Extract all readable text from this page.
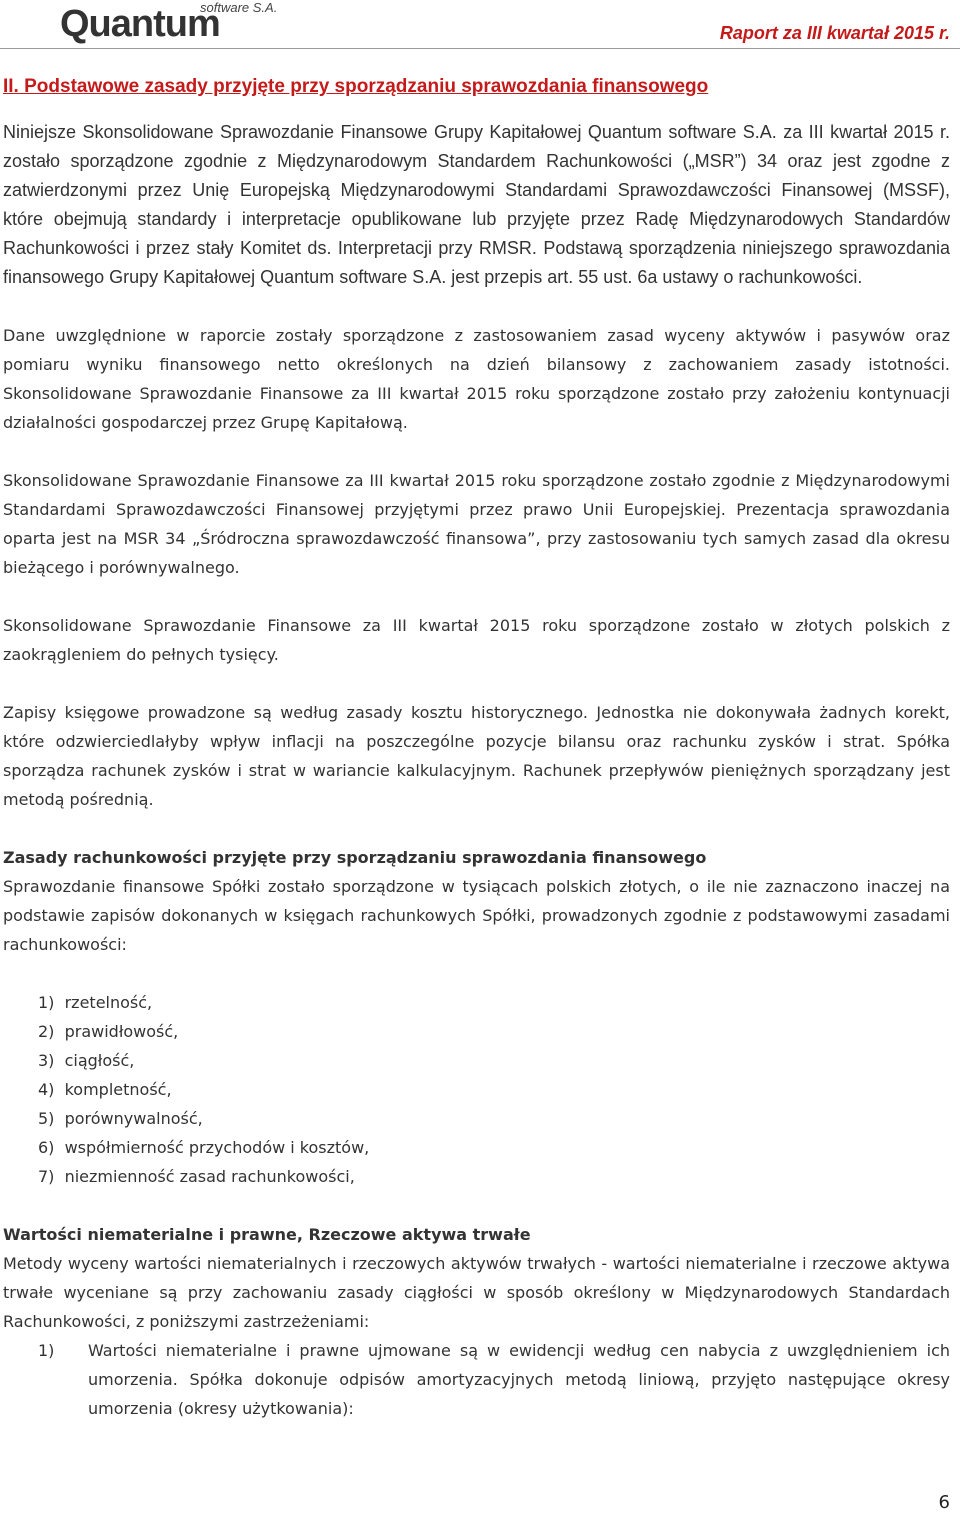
Quantum
software S.A.
Raport za III kwartał 2015 r.
II. Podstawowe zasady przyjęte przy sporządzaniu sprawozdania finansowego

Niniejsze Skonsolidowane Sprawozdanie Finansowe Grupy Kapitałowej Quantum software S.A. za III kwartał 2015 r. zostało sporządzone zgodnie z Międzynarodowym Standardem Rachunkowości („MSR”) 34 oraz jest zgodne z zatwierdzonymi przez Unię Europejską Międzynarodowymi Standardami Sprawozdawczości Finansowej (MSSF), które obejmują standardy i interpretacje opublikowane lub przyjęte przez Radę Międzynarodowych Standardów Rachunkowości i przez stały Komitet ds. Interpretacji przy RMSR. Podstawą sporządzenia niniejszego sprawozdania finansowego Grupy Kapitałowej Quantum software S.A. jest przepis art. 55 ust. 6a ustawy o rachunkowości.

Dane uwzględnione w raporcie zostały sporządzone z zastosowaniem zasad wyceny aktywów i pasywów oraz pomiaru wyniku finansowego netto określonych na dzień bilansowy z zachowaniem zasady istotności. Skonsolidowane Sprawozdanie Finansowe za III kwartał 2015 roku sporządzone zostało przy założeniu kontynuacji działalności gospodarczej przez Grupę Kapitałową.

Skonsolidowane Sprawozdanie Finansowe za III kwartał 2015 roku sporządzone zostało zgodnie z Międzynarodowymi Standardami Sprawozdawczości Finansowej przyjętymi przez prawo Unii Europejskiej. Prezentacja sprawozdania oparta jest na MSR 34 „Śródroczna sprawozdawczość finansowa”, przy zastosowaniu tych samych zasad dla okresu bieżącego i porównywalnego.

Skonsolidowane Sprawozdanie Finansowe za III kwartał 2015 roku sporządzone zostało w złotych polskich z zaokrągleniem do pełnych tysięcy.

Zapisy księgowe prowadzone są według zasady kosztu historycznego. Jednostka nie dokonywała żadnych korekt, które odzwierciedlałyby wpływ inflacji na poszczególne pozycje bilansu oraz rachunku zysków i strat. Spółka sporządza rachunek zysków i strat w wariancie kalkulacyjnym. Rachunek przepływów pieniężnych sporządzany jest metodą pośrednią.

Zasady rachunkowości przyjęte przy sporządzaniu sprawozdania finansowego

Sprawozdanie finansowe Spółki zostało sporządzone w tysiącach polskich złotych, o ile nie zaznaczono inaczej na podstawie zapisów dokonanych w księgach rachunkowych Spółki, prowadzonych zgodnie z podstawowymi zasadami rachunkowości:

1)  rzetelność,
2)  prawidłowość,
3)  ciągłość,
4)  kompletność,
5)  porównywalność,
6)  współmierność przychodów i kosztów,
7)  niezmienność zasad rachunkowości,

Wartości niematerialne i prawne, Rzeczowe aktywa trwałe

Metody wyceny wartości niematerialnych i rzeczowych aktywów trwałych - wartości niematerialne i rzeczowe aktywa trwałe wyceniane są przy zachowaniu zasady ciągłości w sposób określony w Międzynarodowych Standardach Rachunkowości, z poniższymi zastrzeżeniami:

1)	Wartości niematerialne i prawne ujmowane są w ewidencji według cen nabycia z uwzględnieniem ich umorzenia. Spółka dokonuje odpisów amortyzacyjnych metodą liniową, przyjęto następujące okresy umorzenia (okresy użytkowania):
6
